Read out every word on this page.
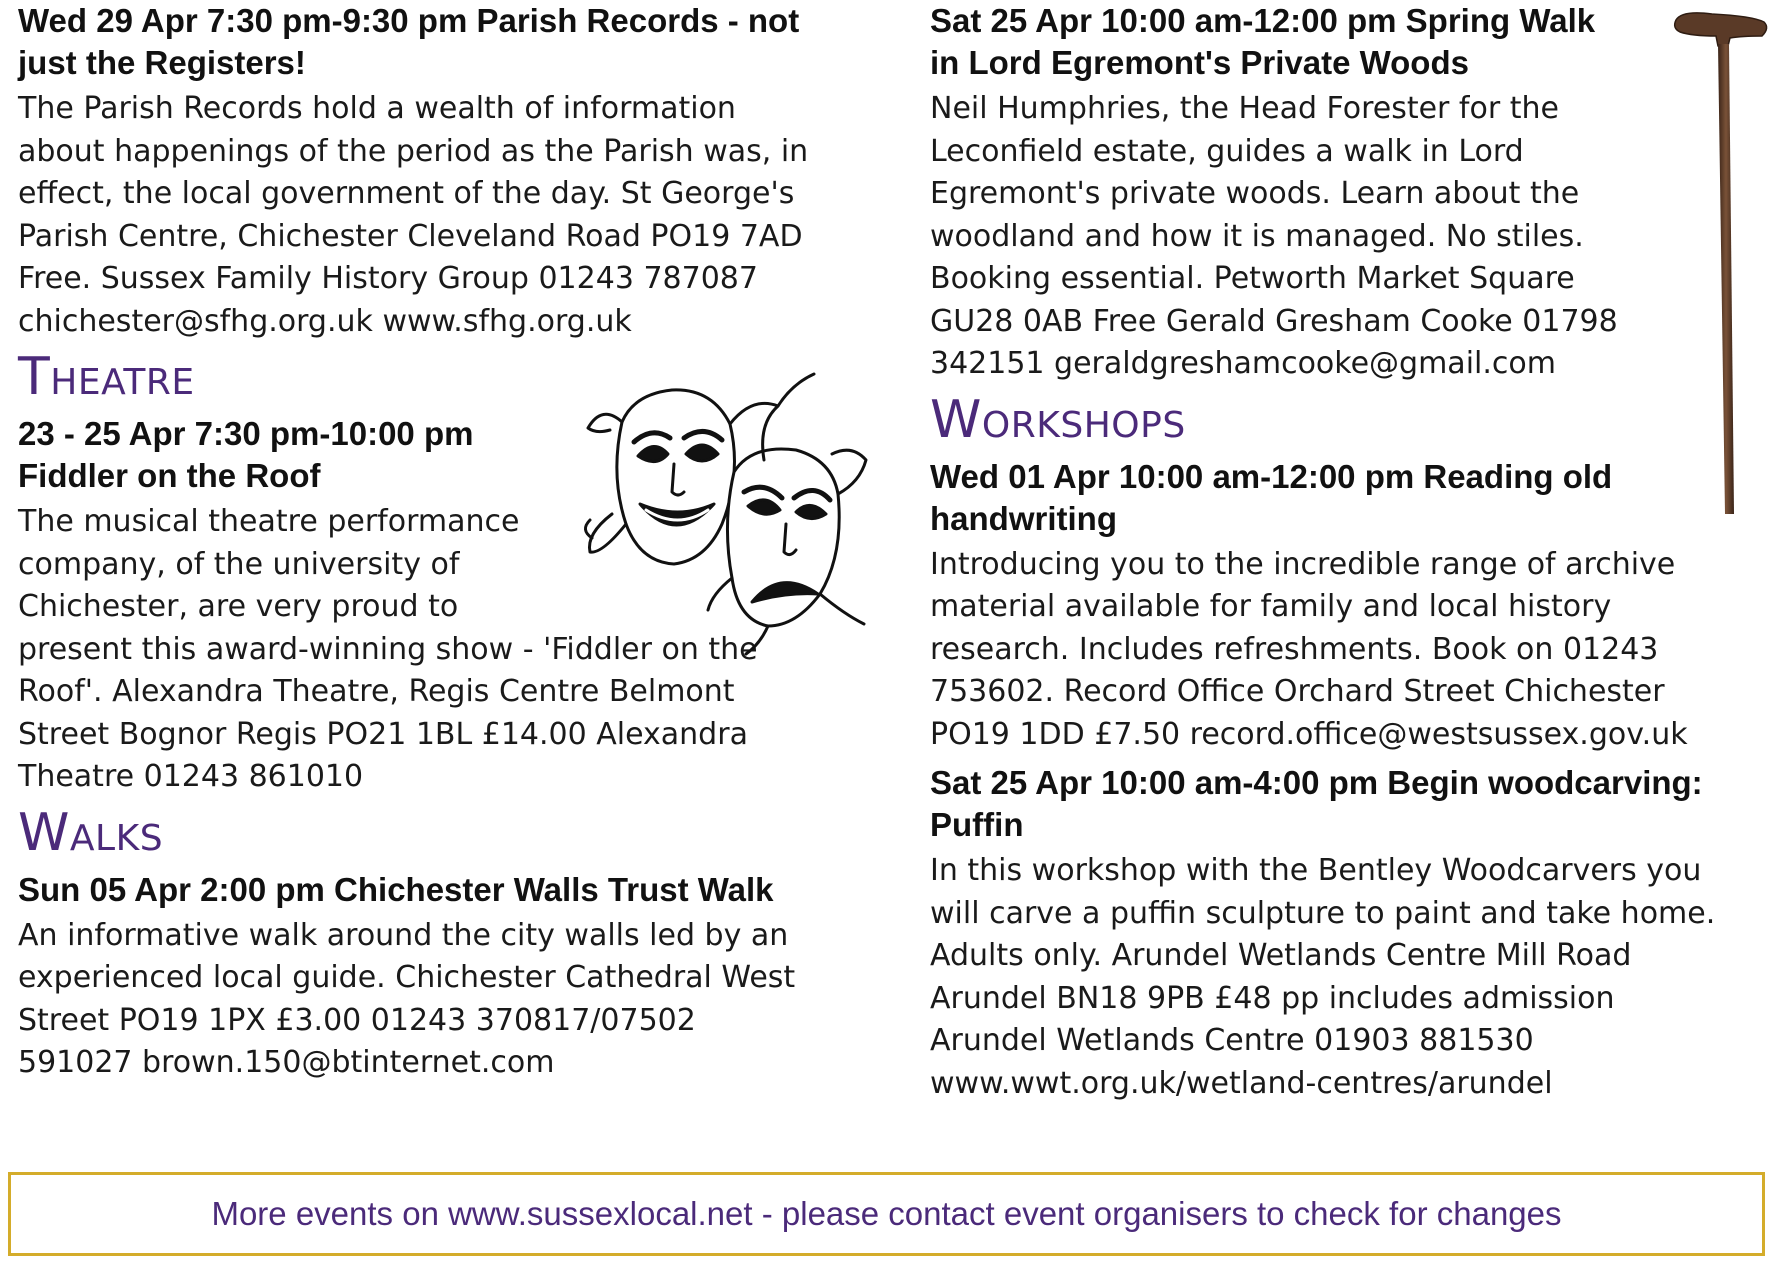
Wed 29 Apr 7:30 pm-9:30 pm Parish Records - not
just the Registers!

The Parish Records hold a wealth of information
about happenings of the period as the Parish was, in
effect, the local government of the day. St George's
Parish Centre, Chichester Cleveland Road PO19 7AD
Free. Sussex Family History Group 01243 787087
chichester@sfhg.org.uk www.sfhg.org.uk
Theatre

23 - 25 Apr 7:30 pm-10:00 pm
Fiddler on the Roof

The musical theatre performance
company, of the university of
Chichester, are very proud to
present this award-winning show - 'Fiddler on the
Roof'. Alexandra Theatre, Regis Centre Belmont
Street Bognor Regis PO21 1BL £14.00 Alexandra
Theatre 01243 861010
Walks

Sun 05 Apr 2:00 pm Chichester Walls Trust Walk

An informative walk around the city walls led by an
experienced local guide. Chichester Cathedral West
Street PO19 1PX £3.00 01243 370817/07502
591027 brown.150@btinternet.com

Sat 25 Apr 10:00 am-12:00 pm Spring Walk
in Lord Egremont's Private Woods

Neil Humphries, the Head Forester for the
Leconfield estate, guides a walk in Lord
Egremont's private woods. Learn about the
woodland and how it is managed. No stiles.
Booking essential. Petworth Market Square
GU28 0AB Free Gerald Gresham Cooke 01798
342151 geraldgreshamcooke@gmail.com
Workshops

Wed 01 Apr 10:00 am-12:00 pm Reading old
handwriting

Introducing you to the incredible range of archive
material available for family and local history
research. Includes refreshments. Book on 01243
753602. Record Office Orchard Street Chichester
PO19 1DD £7.50 record.office@westsussex.gov.uk

Sat 25 Apr 10:00 am-4:00 pm Begin woodcarving:
Puffin

In this workshop with the Bentley Woodcarvers you
will carve a puffin sculpture to paint and take home.
Adults only. Arundel Wetlands Centre Mill Road
Arundel BN18 9PB £48 pp includes admission
Arundel Wetlands Centre 01903 881530
www.wwt.org.uk/wetland-centres/arundel
More events on www.sussexlocal.net - please contact event organisers to check for changes
